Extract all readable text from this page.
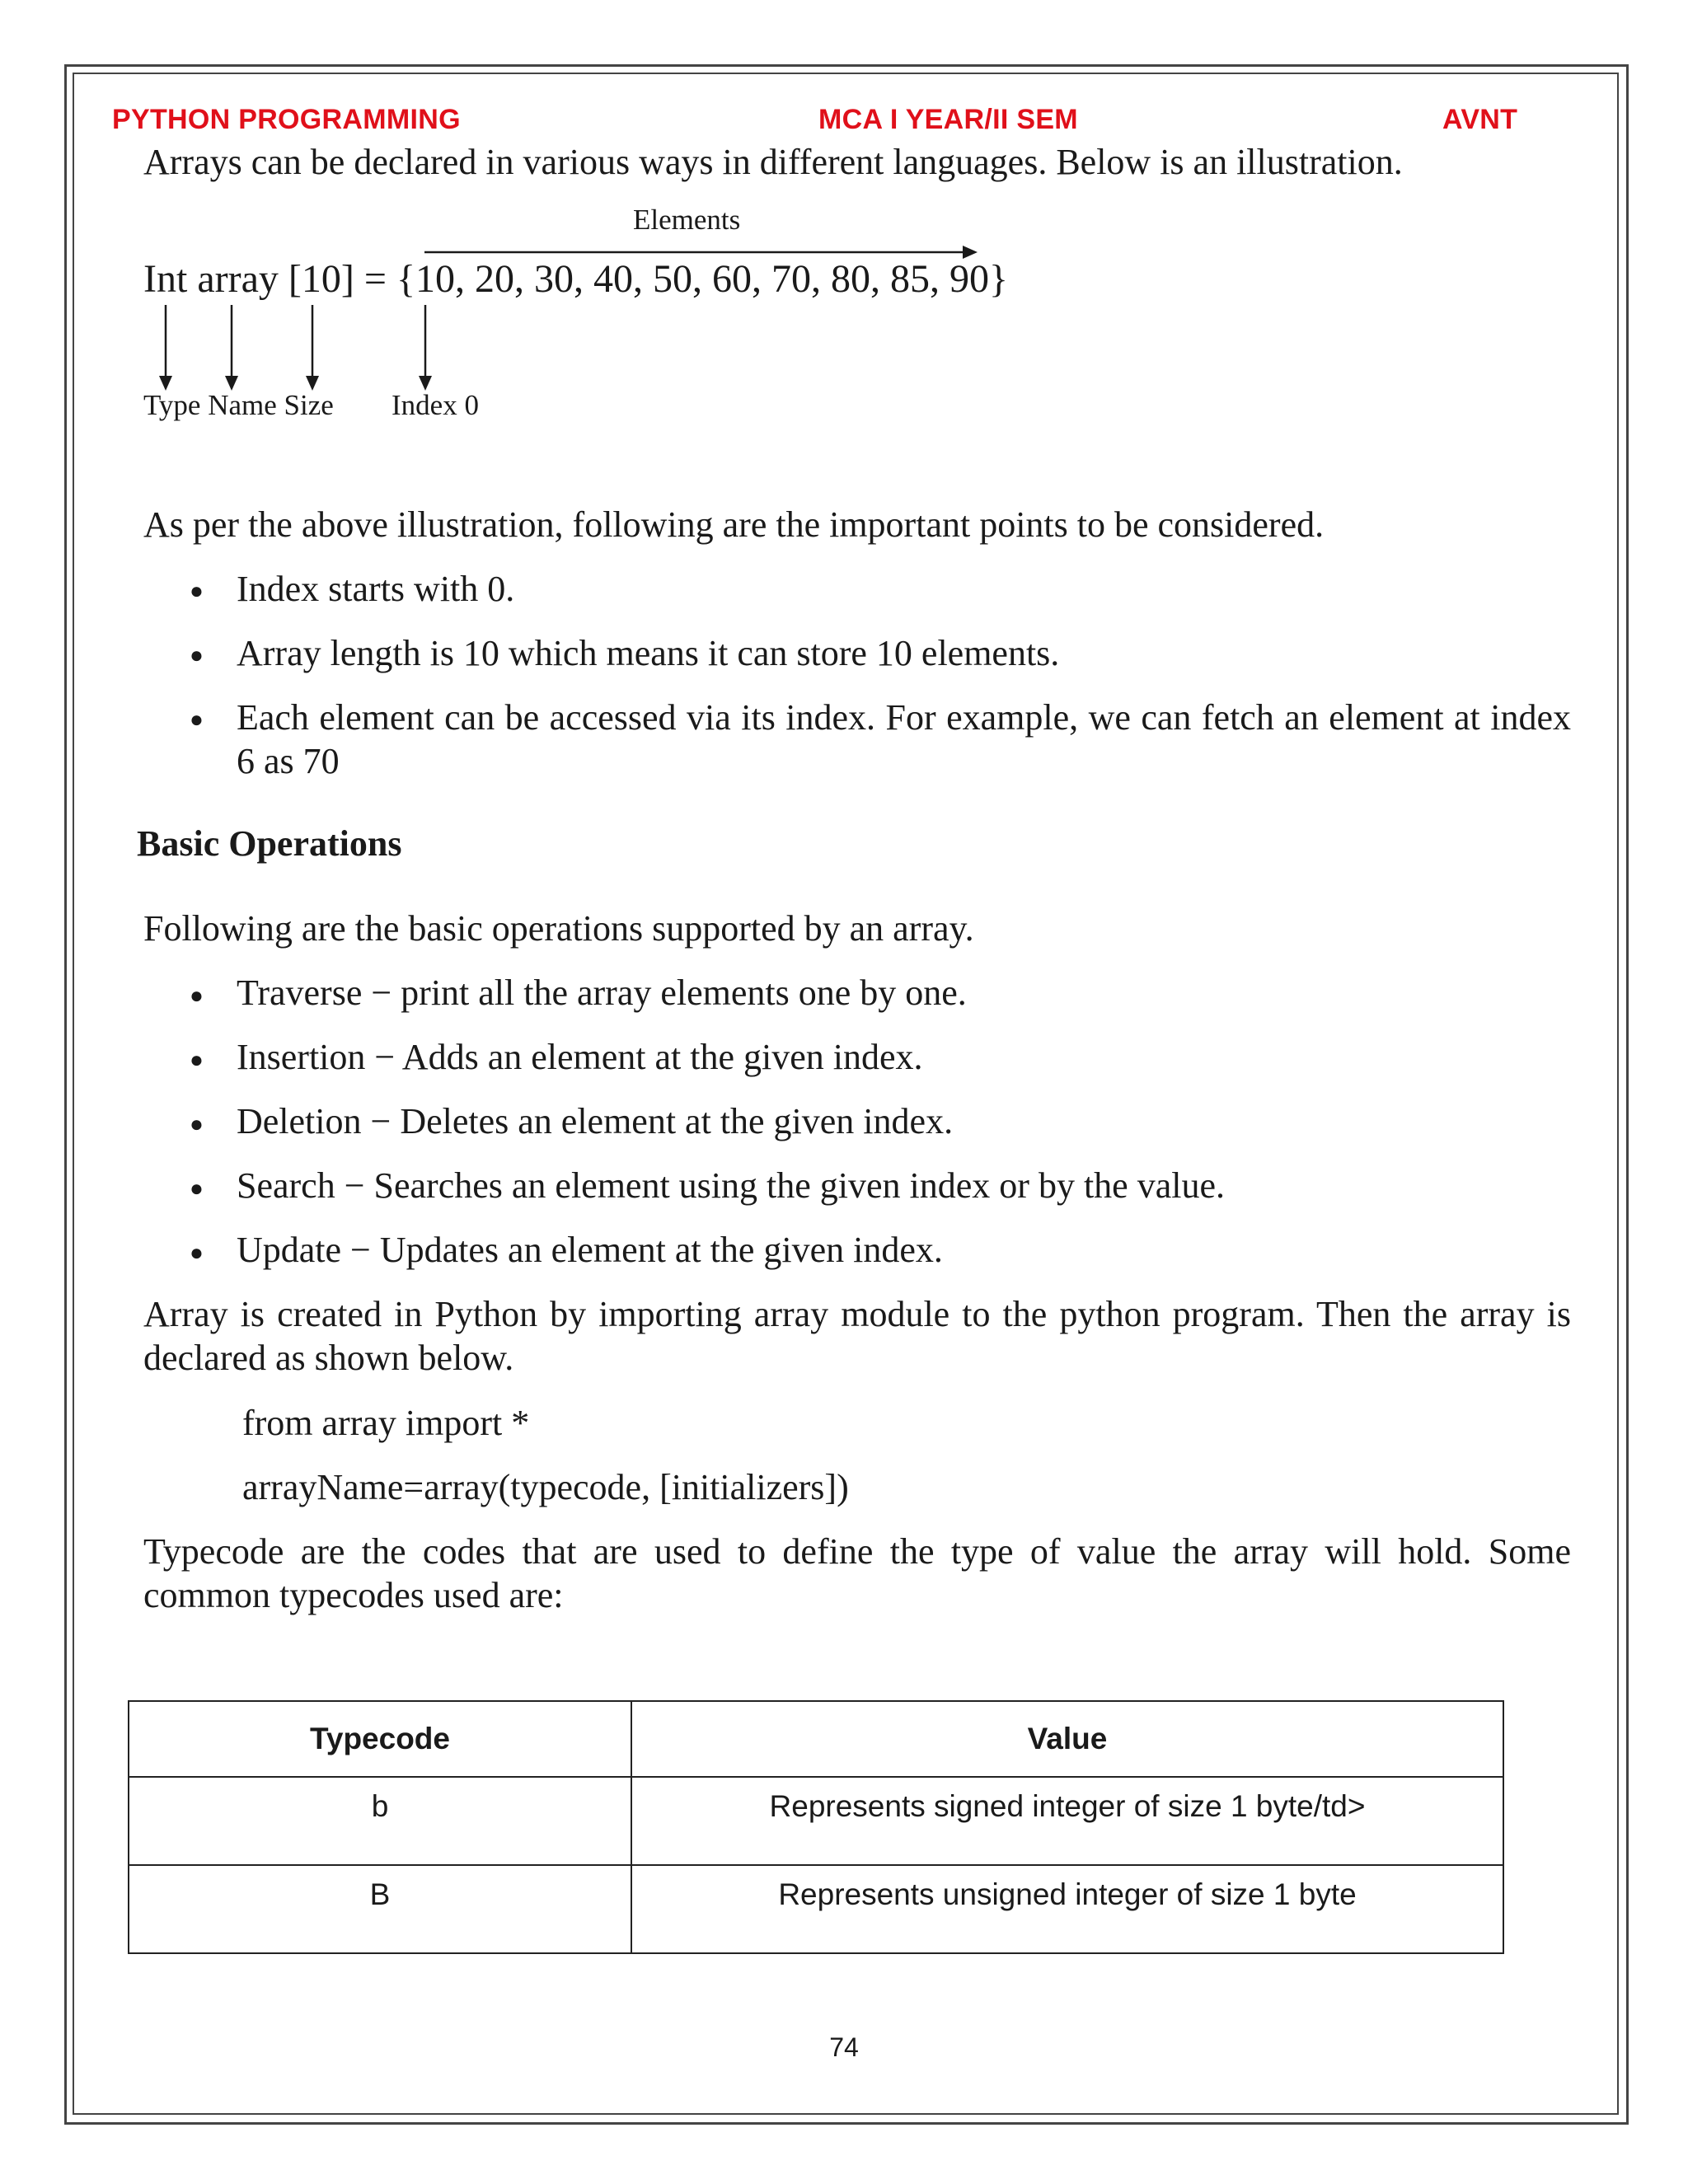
PYTHON PROGRAMMING	MCA I YEAR/II SEM	AVNT
Arrays can be declared in various ways in different languages. Below is an illustration.
Elements
Int array [10] = {10, 20, 30, 40, 50, 60, 70, 80, 85, 90}
Type Name Size Index 0
As per the above illustration, following are the important points to be considered.
● Index starts with 0.
● Array length is 10 which means it can store 10 elements.
● Each element can be accessed via its index. For example, we can fetch an element at index 6 as 70
Basic Operations
Following are the basic operations supported by an array.
● Traverse − print all the array elements one by one.
● Insertion − Adds an element at the given index.
● Deletion − Deletes an element at the given index.
● Search − Searches an element using the given index or by the value.
● Update − Updates an element at the given index.
Array is created in Python by importing array module to the python program. Then the array is declared as shown below.
from array import *
arrayName=array(typecode, [initializers])
Typecode are the codes that are used to define the type of value the array will hold. Some common typecodes used are:
Typecode	Value
b	Represents signed integer of size 1 byte/td>
B	Represents unsigned integer of size 1 byte
74
